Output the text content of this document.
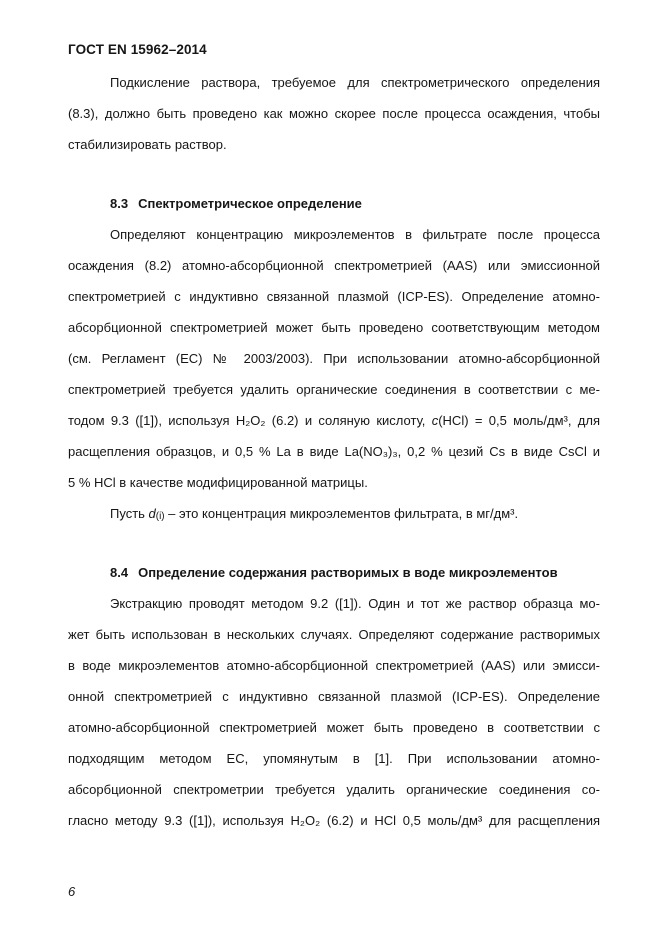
ГОСТ EN 15962–2014
Подкисление раствора, требуемое для спектрометрического определения
(8.3), должно быть проведено как можно скорее после процесса осаждения, чтобы
стабилизировать раствор.
8.3 Спектрометрическое определение
Определяют концентрацию микроэлементов в фильтрате после процесса
осаждения (8.2) атомно-абсорбционной спектрометрией (AAS) или эмиссионной
спектрометрией с индуктивно связанной плазмой (ICP-ES). Определение атомно-
абсорбционной спектрометрией может быть проведено соответствующим методом
(см. Регламент (ЕС) № 2003/2003). При использовании атомно-абсорбционной
спектрометрией требуется удалить органические соединения в соответствии с ме-
тодом 9.3 ([1]), используя H₂O₂ (6.2) и соляную кислоту, c(HCl) = 0,5 моль/дм³, для
расщепления образцов, и 0,5 % La в виде La(NO₃)₃, 0,2 % цезий Cs в виде CsCl и
5 % HCl в качестве модифицированной матрицы.
Пусть d(i) – это концентрация микроэлементов фильтрата, в мг/дм³.
8.4 Определение содержания растворимых в воде микроэлементов
Экстракцию проводят методом 9.2 ([1]). Один и тот же раствор образца мо-
жет быть использован в нескольких случаях. Определяют содержание растворимых
в воде микроэлементов атомно-абсорбционной спектрометрией (AAS) или эмисси-
онной спектрометрией с индуктивно связанной плазмой (ICP-ES). Определение
атомно-абсорбционной спектрометрией может быть проведено в соответствии с
подходящим методом ЕС, упомянутым в [1]. При использовании атомно-
абсорбционной спектрометрии требуется удалить органические соединения со-
гласно методу 9.3 ([1]), используя H₂O₂ (6.2) и HCl 0,5 моль/дм³ для расщепления
6
